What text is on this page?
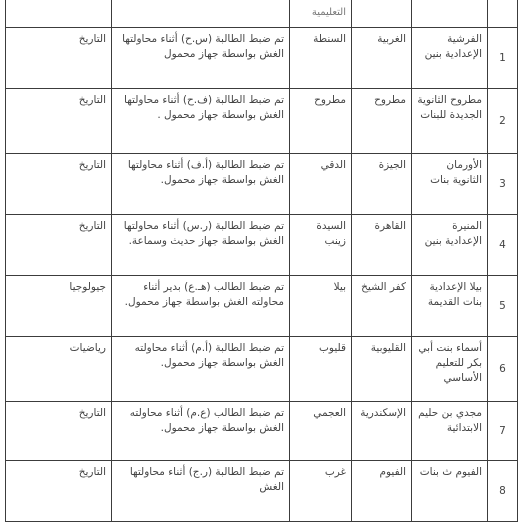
			التعليمية		

1	الفرشية الإعدادية بنين	الغربية	السنطة	تم ضبط الطالبة (س.ح) أثناء محاولتها الغش بواسطة جهاز محمول	التاريخ
2	مطروح الثانوية الجديدة للبنات	مطروح	مطروح	تم ضبط الطالبة (ف.ح) أثناء محاولتها الغش بواسطة جهاز محمول .	التاريخ
3	الأورمان الثانوية بنات	الجيزة	الدقي	تم ضبط الطالبة (أ.ف) أثناء محاولتها الغش بواسطة جهاز محمول.	التاريخ
4	المنيرة الإعدادية بنين	القاهرة	السيدة زينب	تم ضبط الطالبة (ر.س) أثناء محاولتها الغش بواسطة جهاز حديث وسماعة.	التاريخ
5	بيلا الإعدادية بنات القديمة	كفر الشيخ	بيلا	تم ضبط الطالب (هـ.ع) بدير أثناء محاولته الغش بواسطة جهاز محمول.	جيولوجيا
6	أسماء بنت أبي بكر للتعليم الأساسي	القليوبية	قليوب	تم ضبط الطالبة (أ.م) أثناء محاولته الغش بواسطة جهاز محمول.	رياضيات
7	مجدي بن حليم الابتدائية	الإسكندرية	العجمي	تم ضبط الطالب (ع.م) أثناء محاولته الغش بواسطة جهاز محمول.	التاريخ
8	الفيوم ث بنات	الفيوم	غرب	تم ضبط الطالبة (ر.ج) أثناء محاولتها الغش	التاريخ
